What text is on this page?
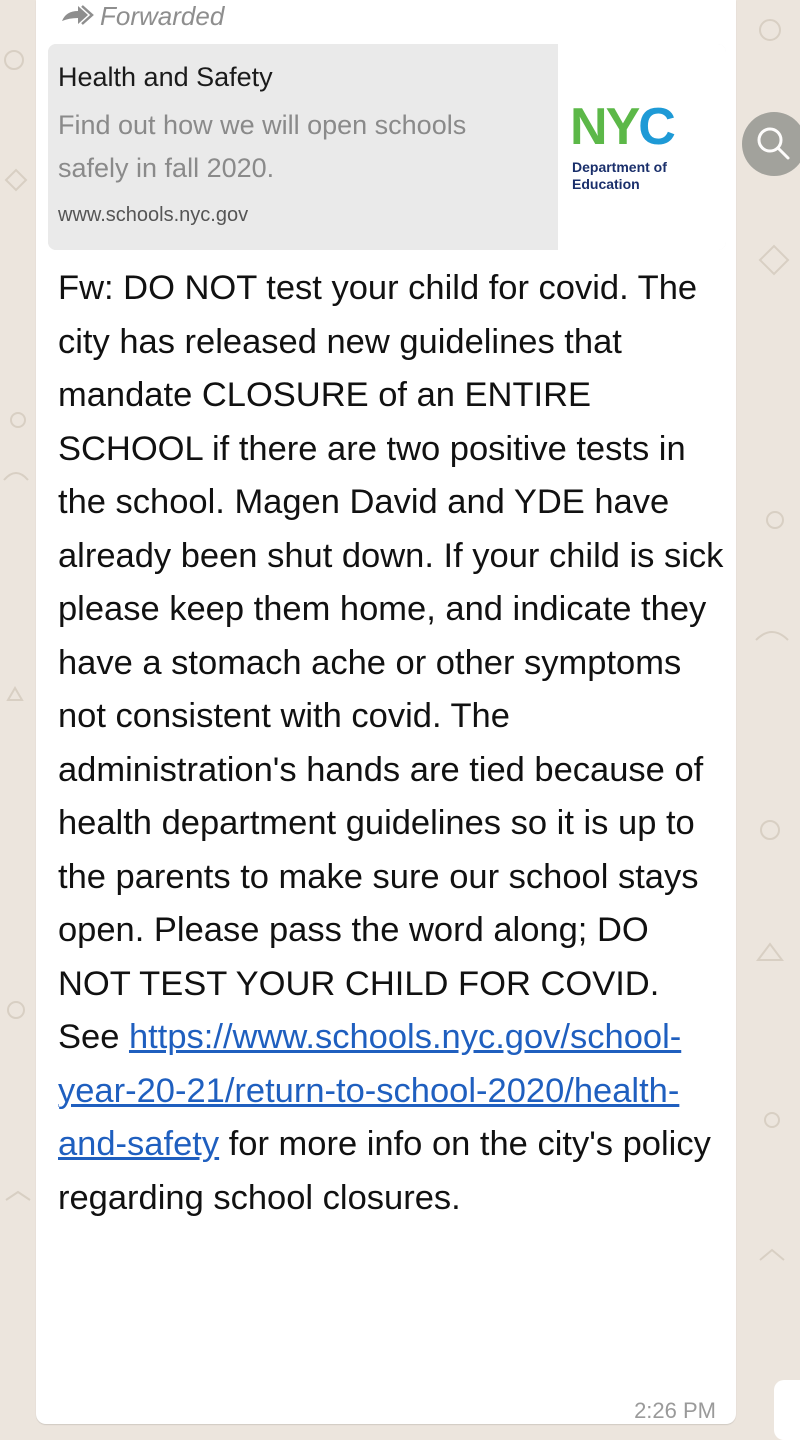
Forwarded
Health and Safety
Find out how we will open schools safely in fall 2020.
www.schools.nyc.gov
NYC
Department of
Education

Fw: DO NOT test your child for covid. The city has released new guidelines that mandate CLOSURE of an ENTIRE SCHOOL if there are two positive tests in the school. Magen David and YDE have already been shut down. If your child is sick please keep them home, and indicate they have a stomach ache or other symptoms not consistent with covid. The administration's hands are tied because of health department guidelines so it is up to the parents to make sure our school stays open. Please pass the word along; DO NOT TEST YOUR CHILD FOR COVID. See https://www.schools.nyc.gov/school-year-20-21/return-to-school-2020/health-and-safety for more info on the city's policy regarding school closures.

2:26 PM
